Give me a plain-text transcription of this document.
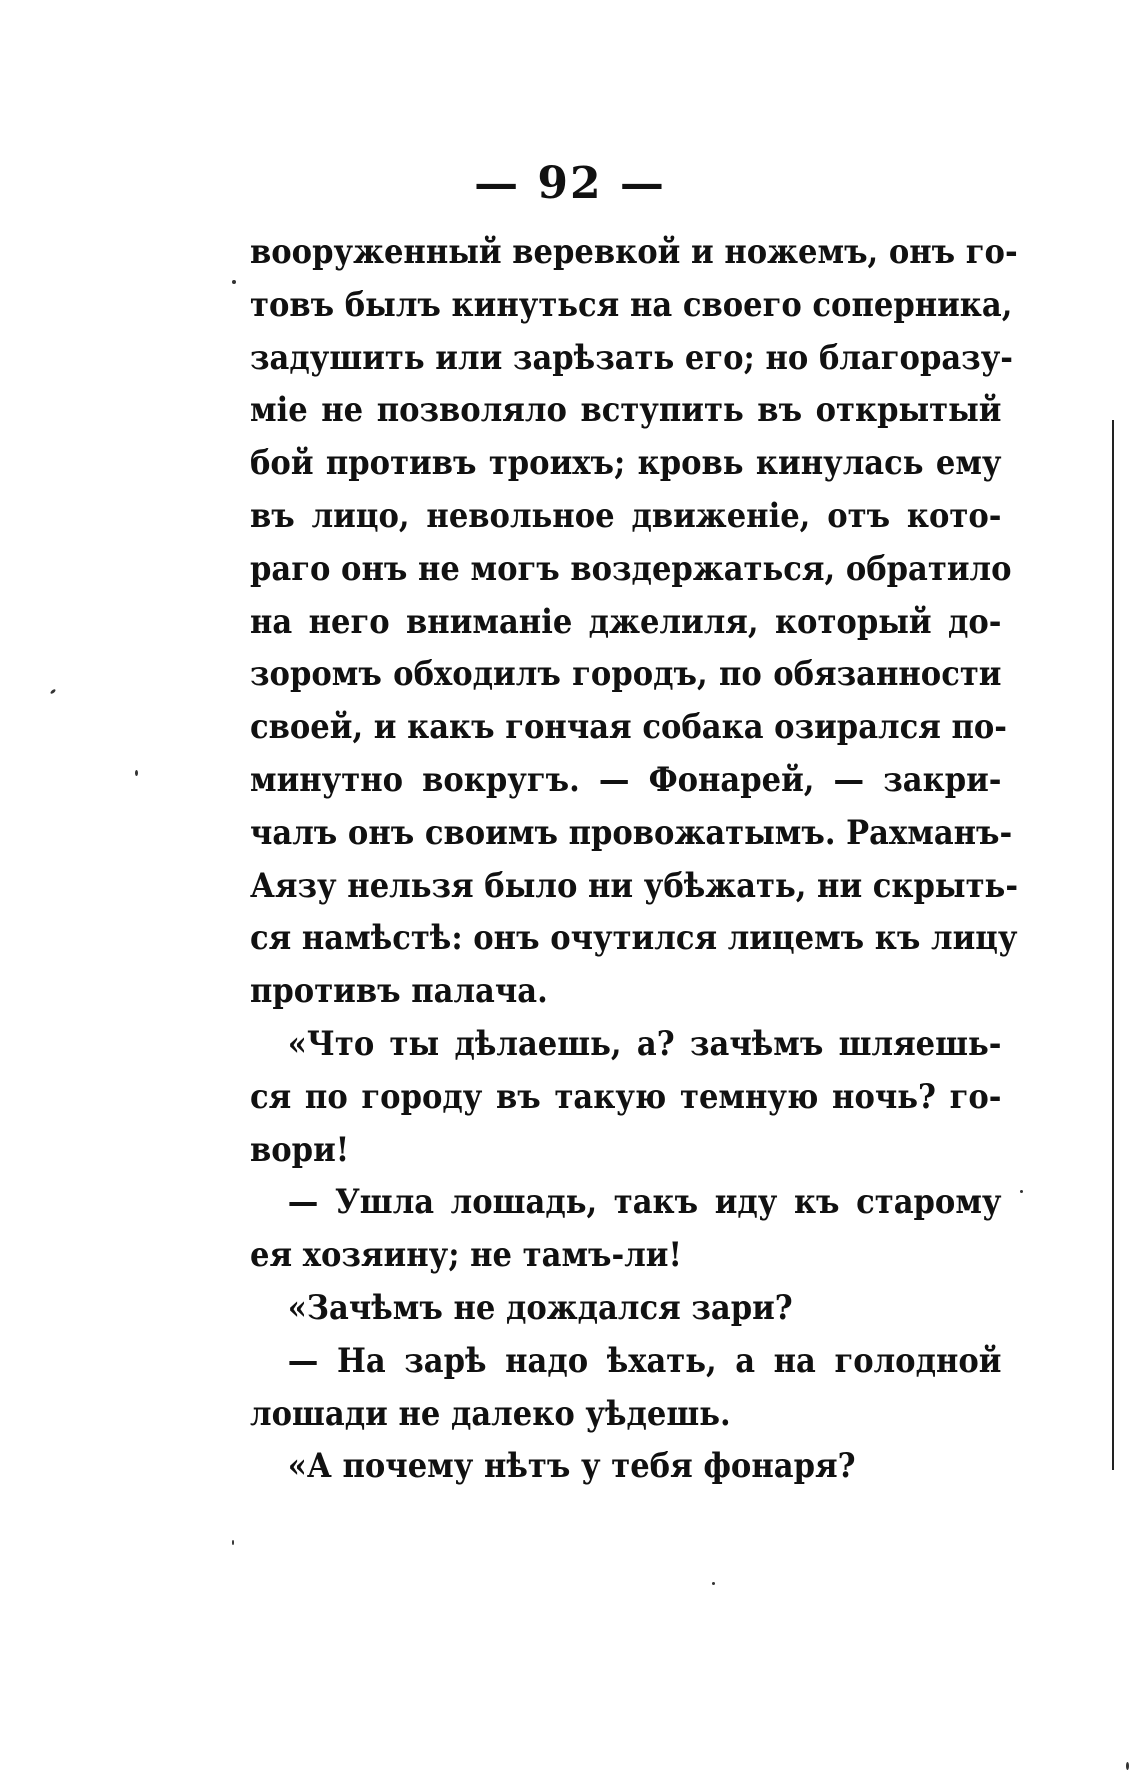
— 92 —
вооруженный веревкой и ножемъ, онъ го-
товъ былъ кинуться на своего соперника,
задушить или зарѣзать его; но благоразу-
міе не позволяло вступить въ открытый
бой противъ троихъ; кровь кинулась ему
въ лицо, невольное движеніе, отъ кото-
раго онъ не могъ воздержаться, обратило
на него вниманіе джелиля, который до-
зоромъ обходилъ городъ, по обязанности
своей, и какъ гончая собака озирался по-
минутно вокругъ. — Фонарей, — закри-
чалъ онъ своимъ провожатымъ. Рахманъ-
Аязу нельзя было ни убѣжать, ни скрыть-
ся намѣстѣ: онъ очутился лицемъ къ лицу
противъ палача.
«Что ты дѣлаешь, а? зачѣмъ шляешь-
ся по городу въ такую темную ночь? го-
вори!
— Ушла лошадь, такъ иду къ старому
ея хозяину; не тамъ-ли!
«Зачѣмъ не дождался зари?
— На зарѣ надо ѣхать, а на голодной
лошади не далеко уѣдешь.
«А почему нѣтъ у тебя фонаря?
